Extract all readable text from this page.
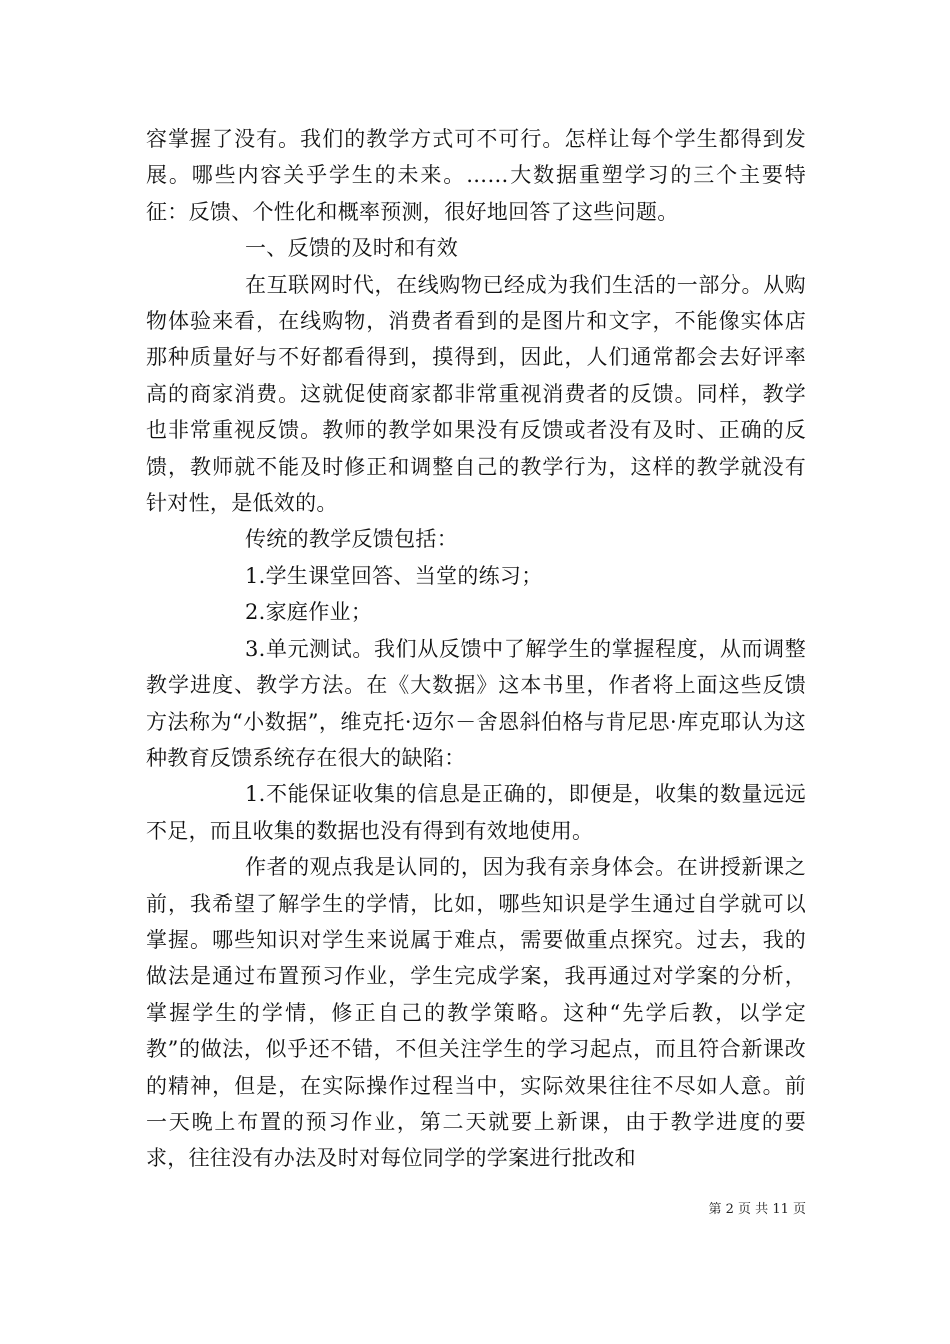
容掌握了没有。我们的教学方式可不可行。怎样让每个学生都得到发展。哪些内容关乎学生的未来。……大数据重塑学习的三个主要特征：反馈、个性化和概率预测，很好地回答了这些问题。

一、反馈的及时和有效

在互联网时代，在线购物已经成为我们生活的一部分。从购物体验来看，在线购物，消费者看到的是图片和文字，不能像实体店那种质量好与不好都看得到，摸得到，因此，人们通常都会去好评率高的商家消费。这就促使商家都非常重视消费者的反馈。同样，教学也非常重视反馈。教师的教学如果没有反馈或者没有及时、正确的反馈，教师就不能及时修正和调整自己的教学行为，这样的教学就没有针对性，是低效的。

传统的教学反馈包括：

1.学生课堂回答、当堂的练习；

2.家庭作业；

3.单元测试。我们从反馈中了解学生的掌握程度，从而调整教学进度、教学方法。在《大数据》这本书里，作者将上面这些反馈方法称为“小数据”，维克托·迈尔－舍恩斜伯格与肯尼思·库克耶认为这种教育反馈系统存在很大的缺陷：

1.不能保证收集的信息是正确的，即便是，收集的数量远远不足，而且收集的数据也没有得到有效地使用。

作者的观点我是认同的，因为我有亲身体会。在讲授新课之前，我希望了解学生的学情，比如，哪些知识是学生通过自学就可以掌握。哪些知识对学生来说属于难点，需要做重点探究。过去，我的做法是通过布置预习作业，学生完成学案，我再通过对学案的分析，掌握学生的学情，修正自己的教学策略。这种“先学后教，以学定教”的做法，似乎还不错，不但关注学生的学习起点，而且符合新课改的精神，但是，在实际操作过程当中，实际效果往往不尽如人意。前一天晚上布置的预习作业，第二天就要上新课，由于教学进度的要求，往往没有办法及时对每位同学的学案进行批改和

第 2 页 共 11 页
